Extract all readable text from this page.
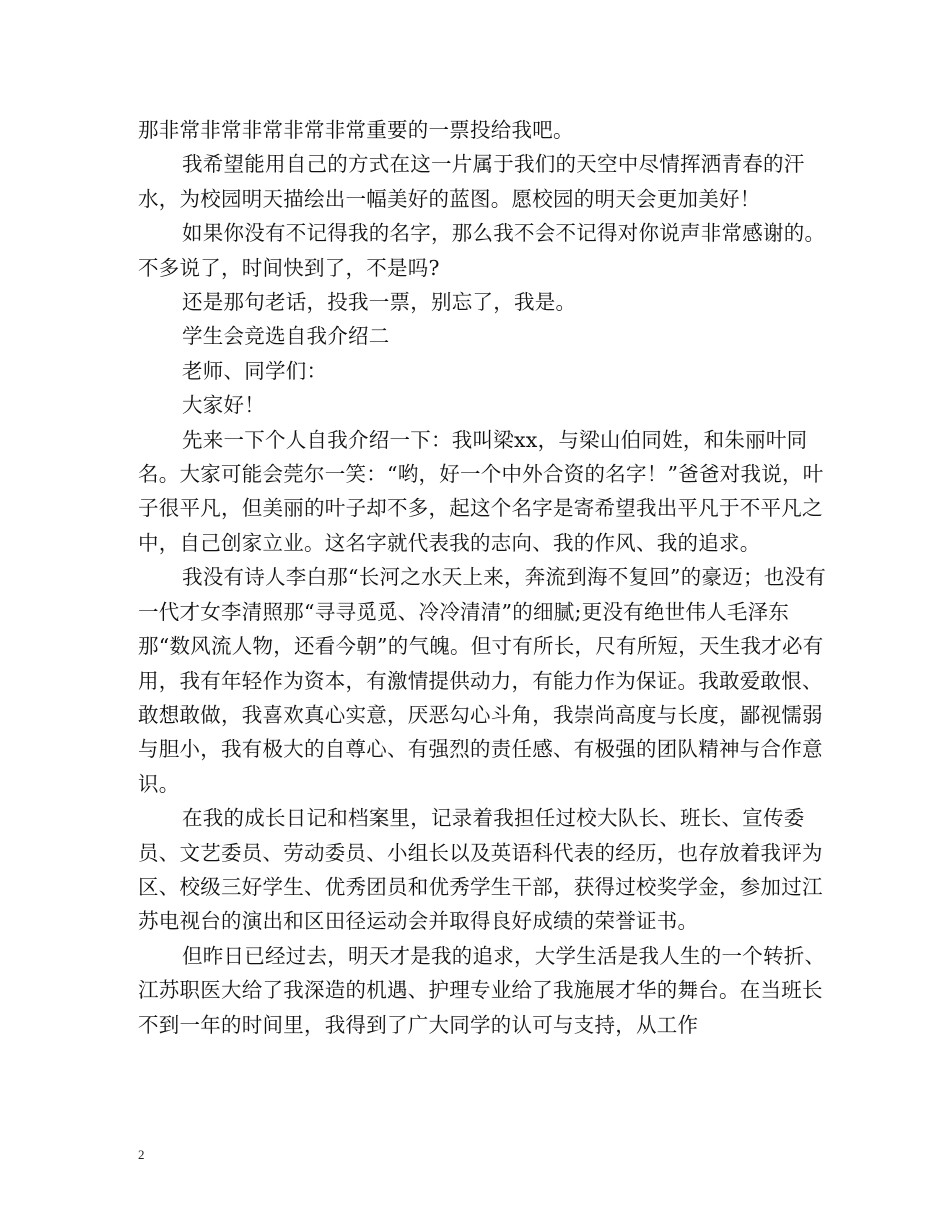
那非常非常非常非常非常重要的一票投给我吧。

我希望能用自己的方式在这一片属于我们的天空中尽情挥洒青春的汗水，为校园明天描绘出一幅美好的蓝图。愿校园的明天会更加美好！

如果你没有不记得我的名字，那么我不会不记得对你说声非常感谢的。不多说了，时间快到了，不是吗?

还是那句老话，投我一票，别忘了，我是。

学生会竞选自我介绍二

老师、同学们：

大家好！

先来一下个人自我介绍一下：我叫梁xx，与梁山伯同姓，和朱丽叶同名。大家可能会莞尔一笑：“哟，好一个中外合资的名字！”爸爸对我说，叶子很平凡，但美丽的叶子却不多，起这个名字是寄希望我出平凡于不平凡之中，自己创家立业。这名字就代表我的志向、我的作风、我的追求。

我没有诗人李白那“长河之水天上来，奔流到海不复回”的豪迈；也没有一代才女李清照那“寻寻觅觅、冷冷清清”的细腻;更没有绝世伟人毛泽东那“数风流人物，还看今朝”的气魄。但寸有所长，尺有所短，天生我才必有用，我有年轻作为资本，有激情提供动力，有能力作为保证。我敢爱敢恨、敢想敢做，我喜欢真心实意，厌恶勾心斗角，我崇尚高度与长度，鄙视懦弱与胆小，我有极大的自尊心、有强烈的责任感、有极强的团队精神与合作意识。

在我的成长日记和档案里，记录着我担任过校大队长、班长、宣传委员、文艺委员、劳动委员、小组长以及英语科代表的经历，也存放着我评为区、校级三好学生、优秀团员和优秀学生干部，获得过校奖学金，参加过江苏电视台的演出和区田径运动会并取得良好成绩的荣誉证书。

但昨日已经过去，明天才是我的追求，大学生活是我人生的一个转折、江苏职医大给了我深造的机遇、护理专业给了我施展才华的舞台。在当班长不到一年的时间里，我得到了广大同学的认可与支持，从工作

2
